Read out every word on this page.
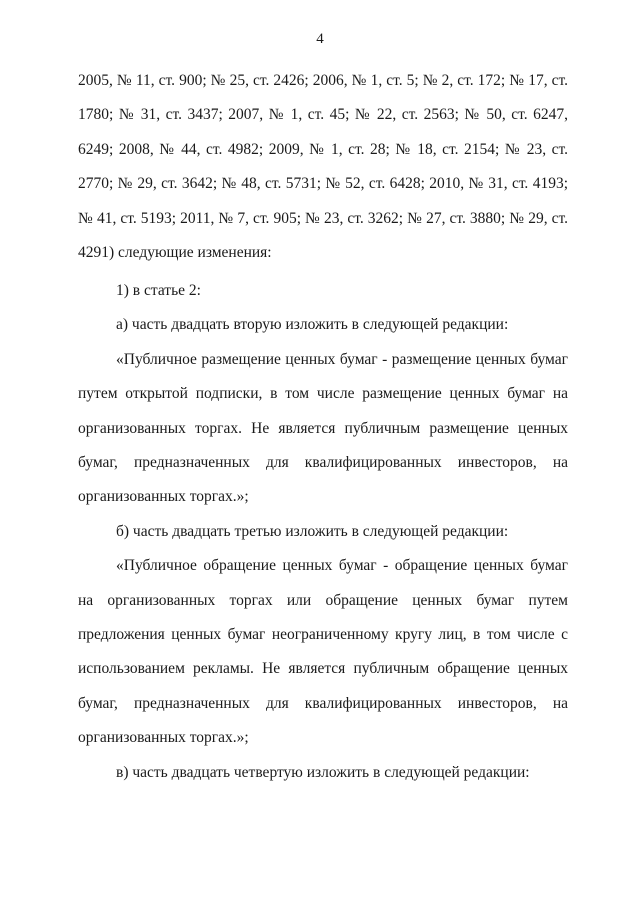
4

2005, № 11, ст. 900; № 25, ст. 2426; 2006, № 1, ст. 5; № 2, ст. 172; № 17, ст. 1780; № 31, ст. 3437; 2007, № 1, ст. 45; № 22, ст. 2563; № 50, ст. 6247, 6249; 2008, № 44, ст. 4982; 2009, № 1, ст. 28; № 18, ст. 2154; № 23, ст. 2770; № 29, ст. 3642; № 48, ст. 5731; № 52, ст. 6428; 2010, № 31, ст. 4193; № 41, ст. 5193; 2011, № 7, ст. 905; № 23, ст. 3262; № 27, ст. 3880; № 29, ст. 4291) следующие изменения:

1) в статье 2:

а) часть двадцать вторую изложить в следующей редакции:

«Публичное размещение ценных бумаг - размещение ценных бумаг путем открытой подписки, в том числе размещение ценных бумаг на организованных торгах. Не является публичным размещение ценных бумаг, предназначенных для квалифицированных инвесторов, на организованных торгах.»;

б) часть двадцать третью изложить в следующей редакции:

«Публичное обращение ценных бумаг - обращение ценных бумаг на организованных торгах или обращение ценных бумаг путем предложения ценных бумаг неограниченному кругу лиц, в том числе с использованием рекламы. Не является публичным обращение ценных бумаг, предназначенных для квалифицированных инвесторов, на организованных торгах.»;

в) часть двадцать четвертую изложить в следующей редакции:
